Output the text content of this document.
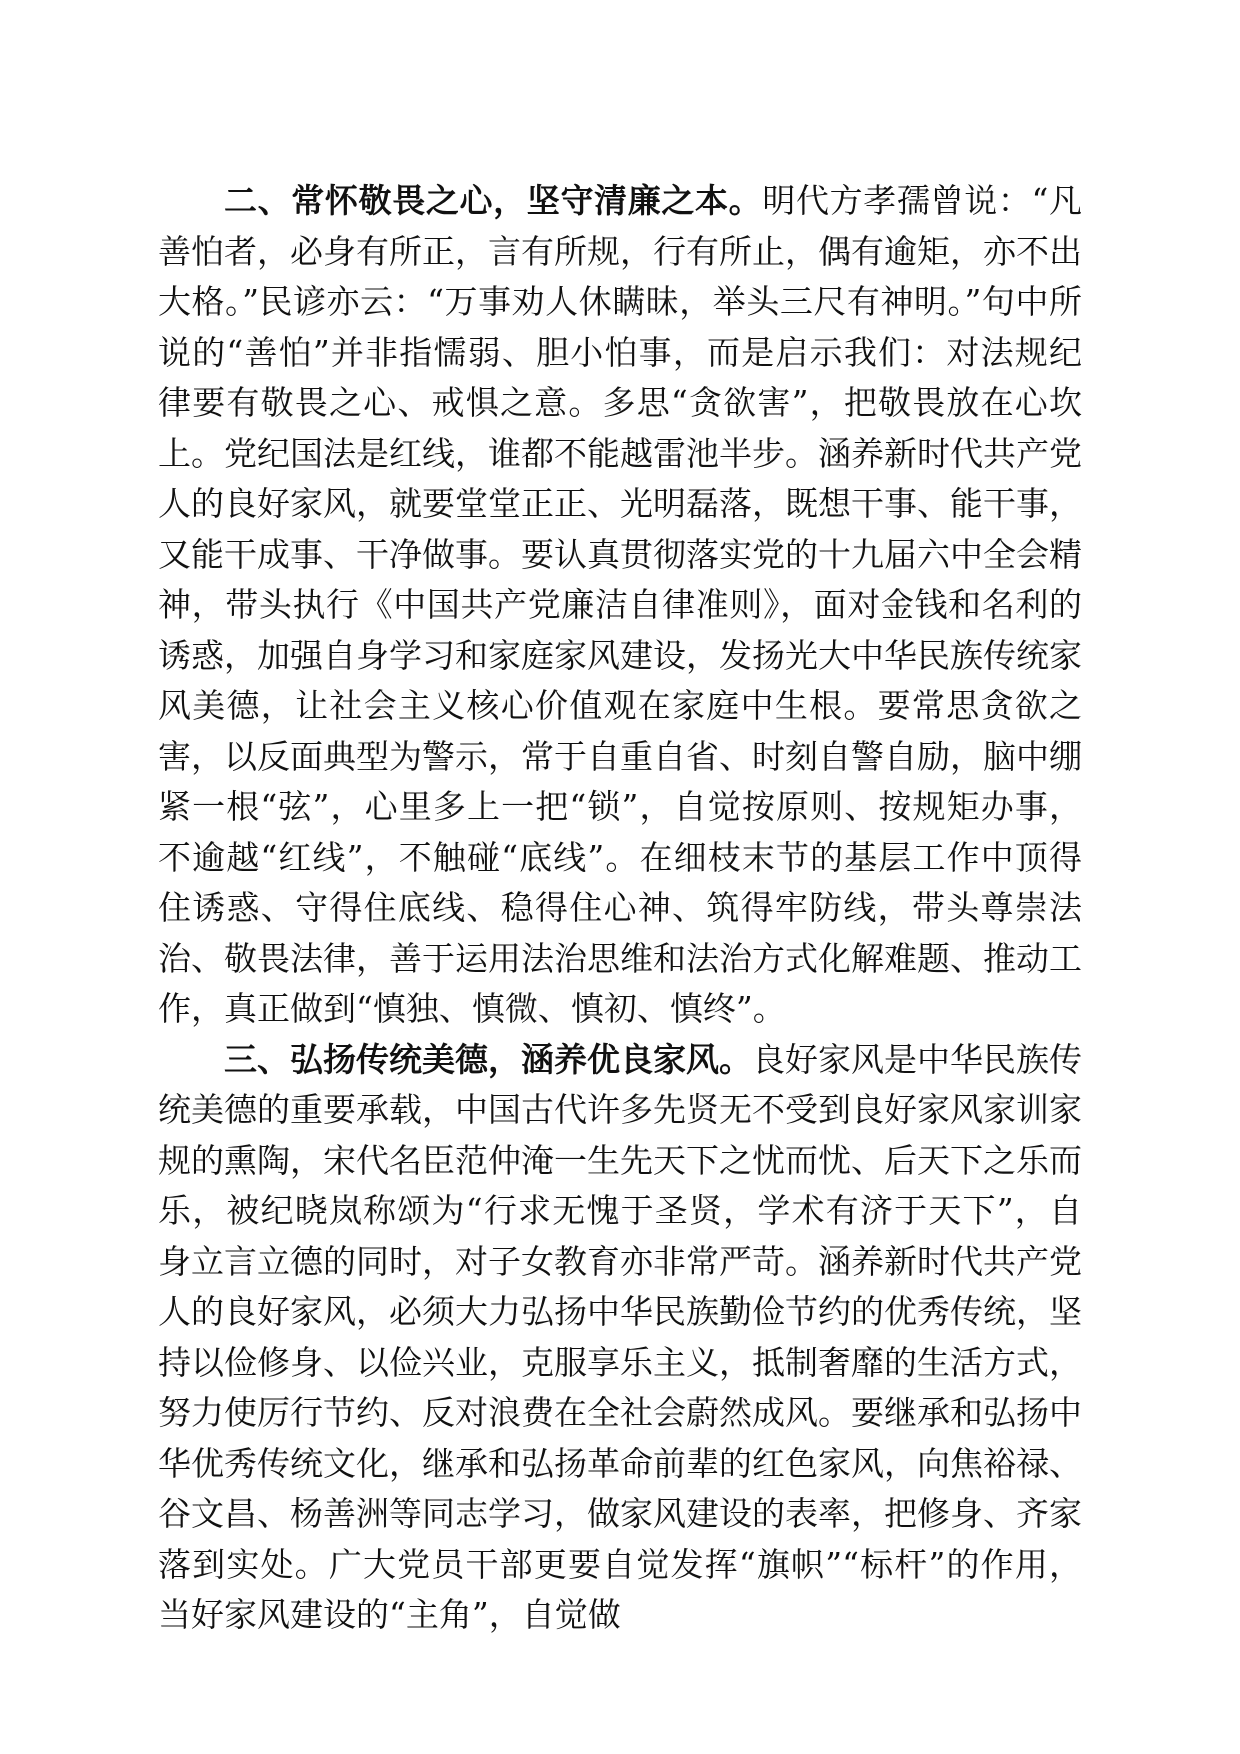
二、常怀敬畏之心，坚守清廉之本。明代方孝孺曾说：“凡善怕者，必身有所正，言有所规，行有所止，偶有逾矩，亦不出大格。”民谚亦云：“万事劝人休瞒昧，举头三尺有神明。”句中所说的“善怕”并非指懦弱、胆小怕事，而是启示我们：对法规纪律要有敬畏之心、戒惧之意。多思“贪欲害”，把敬畏放在心坎上。党纪国法是红线，谁都不能越雷池半步。涵养新时代共产党人的良好家风，就要堂堂正正、光明磊落，既想干事、能干事，又能干成事、干净做事。要认真贯彻落实党的十九届六中全会精神，带头执行《中国共产党廉洁自律准则》，面对金钱和名利的诱惑，加强自身学习和家庭家风建设，发扬光大中华民族传统家风美德，让社会主义核心价值观在家庭中生根。要常思贪欲之害，以反面典型为警示，常于自重自省、时刻自警自励，脑中绷紧一根“弦”，心里多上一把“锁”，自觉按原则、按规矩办事，不逾越“红线”，不触碰“底线”。在细枝末节的基层工作中顶得住诱惑、守得住底线、稳得住心神、筑得牢防线，带头尊崇法治、敬畏法律，善于运用法治思维和法治方式化解难题、推动工作，真正做到“慎独、慎微、慎初、慎终”。

三、弘扬传统美德，涵养优良家风。良好家风是中华民族传统美德的重要承载，中国古代许多先贤无不受到良好家风家训家规的熏陶，宋代名臣范仲淹一生先天下之忧而忧、后天下之乐而乐，被纪晓岚称颂为“行求无愧于圣贤，学术有济于天下”，自身立言立德的同时，对子女教育亦非常严苛。涵养新时代共产党人的良好家风，必须大力弘扬中华民族勤俭节约的优秀传统，坚持以俭修身、以俭兴业，克服享乐主义，抵制奢靡的生活方式，努力使厉行节约、反对浪费在全社会蔚然成风。要继承和弘扬中华优秀传统文化，继承和弘扬革命前辈的红色家风，向焦裕禄、谷文昌、杨善洲等同志学习，做家风建设的表率，把修身、齐家落到实处。广大党员干部更要自觉发挥“旗帜”“标杆”的作用，当好家风建设的“主角”，自觉做
